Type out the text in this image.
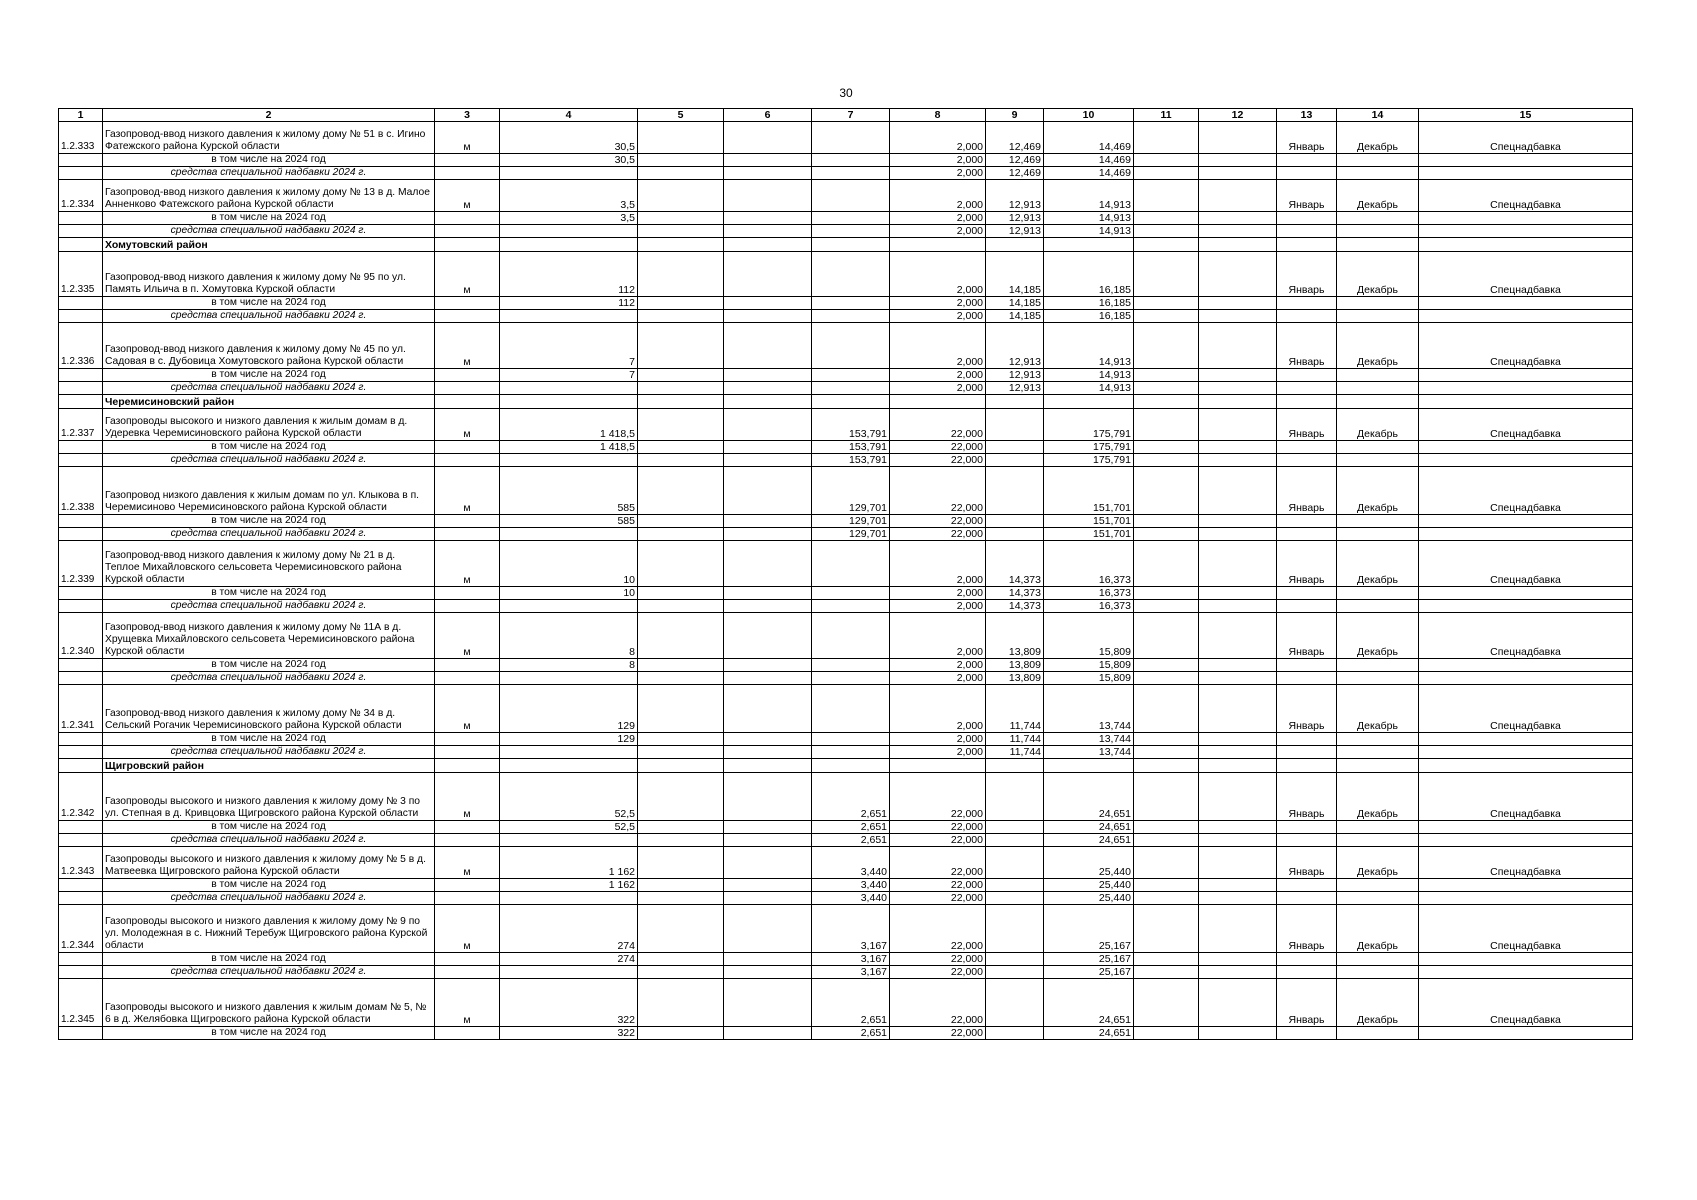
30
1	2	3	4	5	6	7	8	9	10	11	12	13	14	15
1.2.333	Газопровод-ввод низкого давления к жилому дому № 51 в с. Игино Фатежского района Курской области	м	30,5				2,000	12,469	14,469			Январь	Декабрь	Спецнадбавка
	в том числе на 2024 год		30,5				2,000	12,469	14,469					
	средства специальной надбавки 2024 г.						2,000	12,469	14,469					
1.2.334	Газопровод-ввод низкого давления к жилому дому № 13 в д. Малое Анненково Фатежского района Курской области	м	3,5				2,000	12,913	14,913			Январь	Декабрь	Спецнадбавка
	в том числе на 2024 год		3,5				2,000	12,913	14,913					
	средства специальной надбавки 2024 г.						2,000	12,913	14,913					
	Хомутовский район													
1.2.335	Газопровод-ввод низкого давления к жилому дому № 95 по ул. Память Ильича в п. Хомутовка Курской области	м	112				2,000	14,185	16,185			Январь	Декабрь	Спецнадбавка
	в том числе на 2024 год		112				2,000	14,185	16,185					
	средства специальной надбавки 2024 г.						2,000	14,185	16,185					
1.2.336	Газопровод-ввод низкого давления к жилому дому № 45 по ул. Садовая в с. Дубовица Хомутовского района Курской области	м	7				2,000	12,913	14,913			Январь	Декабрь	Спецнадбавка
	в том числе на 2024 год		7				2,000	12,913	14,913					
	средства специальной надбавки 2024 г.						2,000	12,913	14,913					
	Черемисиновский район													
1.2.337	Газопроводы высокого и низкого давления к жилым домам в д. Удеревка Черемисиновского района Курской области	м	1 418,5			153,791	22,000		175,791			Январь	Декабрь	Спецнадбавка
	в том числе на 2024 год		1 418,5			153,791	22,000		175,791					
	средства специальной надбавки 2024 г.					153,791	22,000		175,791					
1.2.338	Газопровод низкого давления к жилым домам по ул. Клыкова в п. Черемисиново Черемисиновского района Курской области	м	585			129,701	22,000		151,701			Январь	Декабрь	Спецнадбавка
	в том числе на 2024 год		585			129,701	22,000		151,701					
	средства специальной надбавки 2024 г.					129,701	22,000		151,701					
1.2.339	Газопровод-ввод низкого давления к жилому дому № 21 в д. Теплое Михайловского сельсовета Черемисиновского района Курской области	м	10				2,000	14,373	16,373			Январь	Декабрь	Спецнадбавка
	в том числе на 2024 год		10				2,000	14,373	16,373					
	средства специальной надбавки 2024 г.						2,000	14,373	16,373					
1.2.340	Газопровод-ввод низкого давления к жилому дому № 11А в д. Хрущевка Михайловского сельсовета Черемисиновского района Курской области	м	8				2,000	13,809	15,809			Январь	Декабрь	Спецнадбавка
	в том числе на 2024 год		8				2,000	13,809	15,809					
	средства специальной надбавки 2024 г.						2,000	13,809	15,809					
1.2.341	Газопровод-ввод низкого давления к жилому дому № 34 в д. Сельский Рогачик Черемисиновского района Курской области	м	129				2,000	11,744	13,744			Январь	Декабрь	Спецнадбавка
	в том числе на 2024 год		129				2,000	11,744	13,744					
	средства специальной надбавки 2024 г.						2,000	11,744	13,744					
	Щигровский район													
1.2.342	Газопроводы высокого и низкого давления к жилому дому № 3 по ул. Степная в д. Кривцовка Щигровского района Курской области	м	52,5			2,651	22,000		24,651			Январь	Декабрь	Спецнадбавка
	в том числе на 2024 год		52,5			2,651	22,000		24,651					
	средства специальной надбавки 2024 г.					2,651	22,000		24,651					
1.2.343	Газопроводы высокого и низкого давления к жилому дому № 5 в д. Матвеевка Щигровского района Курской области	м	1 162			3,440	22,000		25,440			Январь	Декабрь	Спецнадбавка
	в том числе на 2024 год		1 162			3,440	22,000		25,440					
	средства специальной надбавки 2024 г.					3,440	22,000		25,440					
1.2.344	Газопроводы высокого и низкого давления к жилому дому № 9 по ул. Молодежная в с. Нижний Теребуж Щигровского района Курской области	м	274			3,167	22,000		25,167			Январь	Декабрь	Спецнадбавка
	в том числе на 2024 год		274			3,167	22,000		25,167					
	средства специальной надбавки 2024 г.					3,167	22,000		25,167					
1.2.345	Газопроводы высокого и низкого давления к жилым домам № 5, № 6 в д. Желябовка Щигровского района Курской области	м	322			2,651	22,000		24,651			Январь	Декабрь	Спецнадбавка
	в том числе на 2024 год		322			2,651	22,000		24,651					
